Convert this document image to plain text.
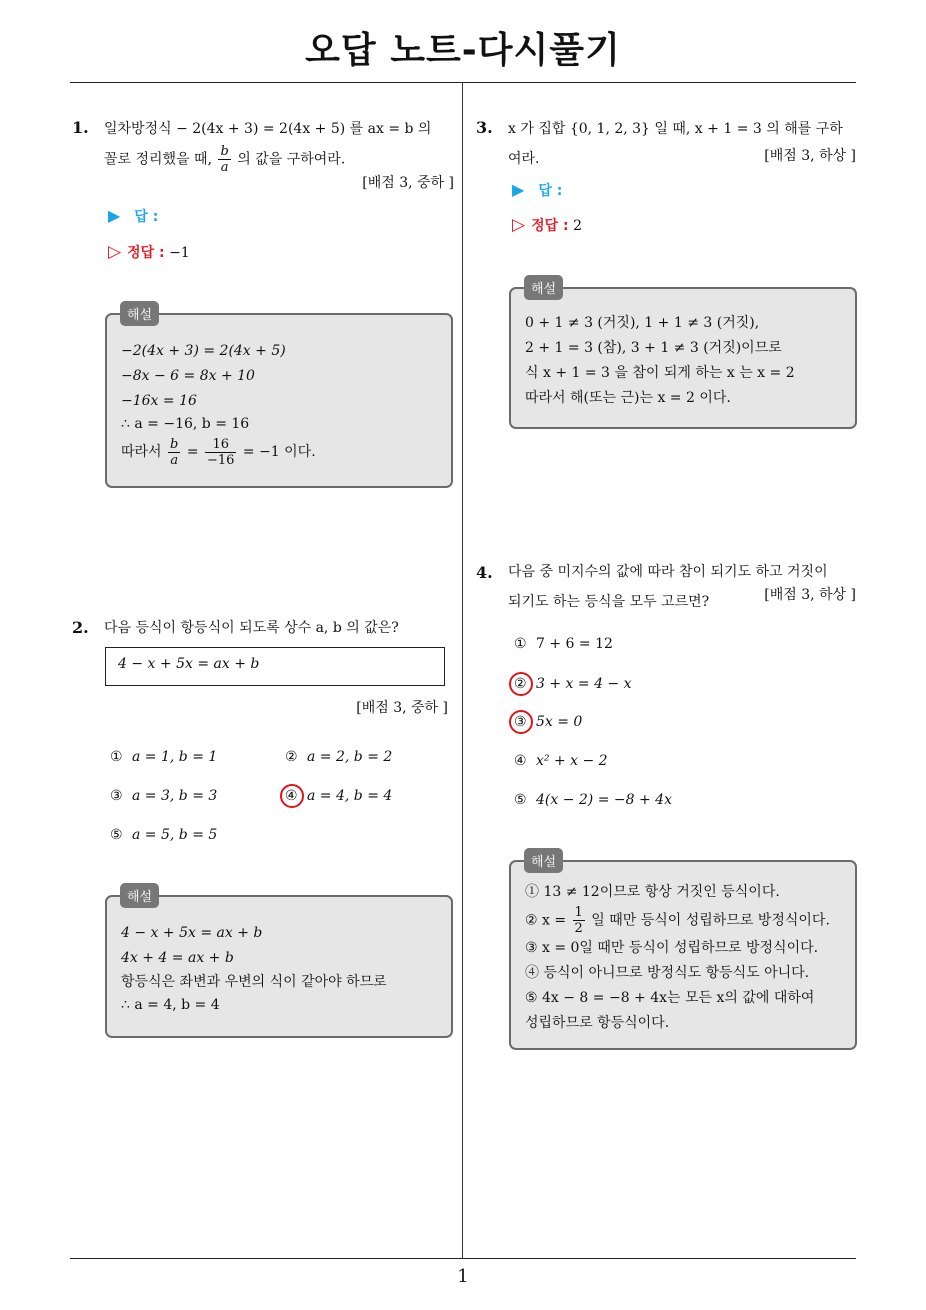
오답 노트-다시풀기
1
1. 일차방정식 − 2(4x + 3) = 2(4x + 5) 를 ax = b 의
꼴로 정리했을 때, $\frac{b}{a}$ 의 값을 구하여라.
[배점 3, 중하 ]
▶ 답 :
▷ 정답 : −1
−2(4x + 3) = 2(4x + 5)
−8x − 6 = 8x + 10
−16x = 16
∴ a = −16, b = 16
따라서 $\frac{b}{a} = \frac{16}{-16} = -1$ 이다.
해설
2. 다음 등식이 항등식이 되도록 상수 a, b 의 값은?
4 − x + 5x = ax + b
[배점 3, 중하 ]
① a = 1, b = 1	② a = 2, b = 2
③ a = 3, b = 3	④ a = 4, b = 4
⑤ a = 5, b = 5
4 − x + 5x = ax + b
4x + 4 = ax + b
항등식은 좌변과 우변의 식이 같아야 하므로
∴ a = 4, b = 4
해설
3. x 가 집합 {0, 1, 2, 3} 일 때, x + 1 = 3 의 해를 구하
여라.	[배점 3, 하상 ]
▶ 답 :
▷ 정답 : 2
0 + 1 ≠ 3 (거짓), 1 + 1 ≠ 3 (거짓),
2 + 1 = 3 (참), 3 + 1 ≠ 3 (거짓)이므로
식 x + 1 = 3 을 참이 되게 하는 x 는 x = 2
따라서 해(또는 근)는 x = 2 이다.
해설
4. 다음 중 미지수의 값에 따라 참이 되기도 하고 거짓이
되기도 하는 등식을 모두 고르면?	[배점 3, 하상 ]
① 7 + 6 = 12
② 3 + x = 4 − x
③ 5x = 0
④ x² + x − 2
⑤ 4(x − 2) = −8 + 4x
① 13 ≠ 12이므로 항상 거짓인 등식이다.
② $x = \frac{1}{2}$ 일 때만 등식이 성립하므로 방정식이다.
③ x = 0일 때만 등식이 성립하므로 방정식이다.
④ 등식이 아니므로 방정식도 항등식도 아니다.
⑤ 4x − 8 = −8 + 4x는 모든 x의 값에 대하여
성립하므로 항등식이다.
해설
